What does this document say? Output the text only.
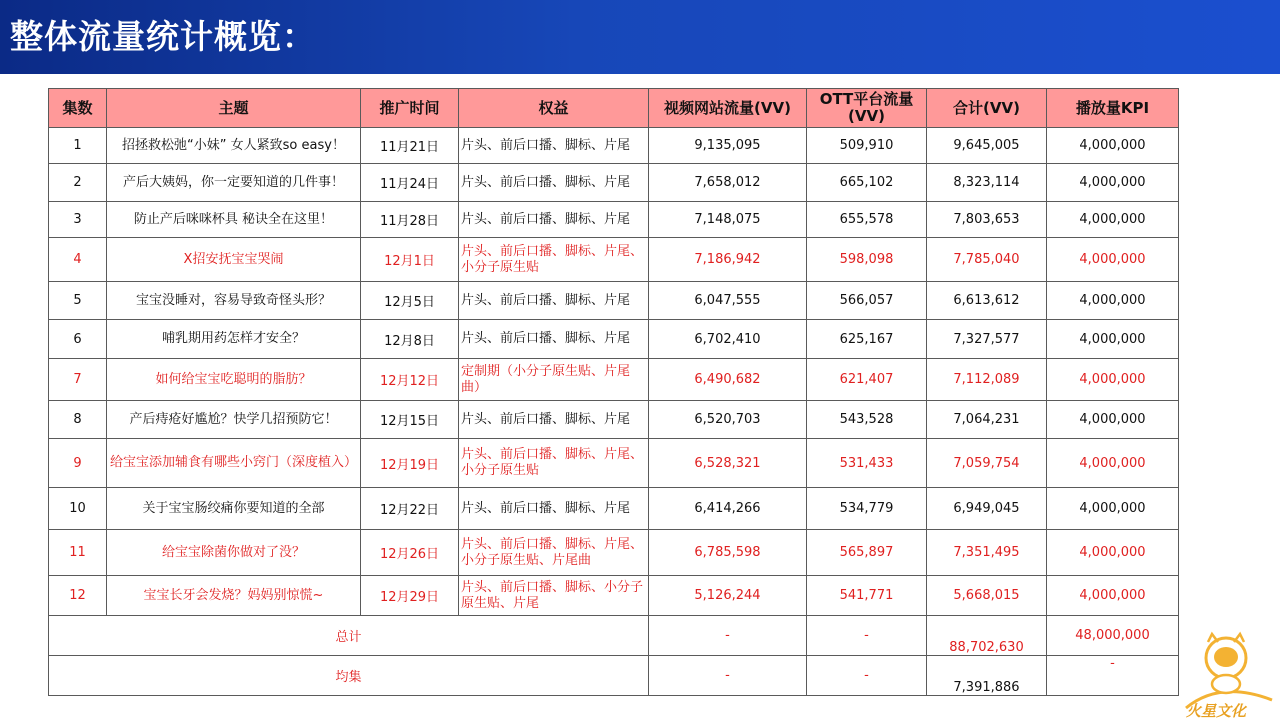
整体流量统计概览：
集数	主题	推广时间	权益	视频网站流量(VV)	OTT平台流量(VV)	合计(VV)	播放量KPI
1	招拯救松弛“小妹” 女人紧致so easy！	11月21日	片头、前后口播、脚标、片尾	9,135,095	509,910	9,645,005	4,000,000
2	产后大姨妈，你一定要知道的几件事！	11月24日	片头、前后口播、脚标、片尾	7,658,012	665,102	8,323,114	4,000,000
3	防止产后咪咪杯具 秘诀全在这里！	11月28日	片头、前后口播、脚标、片尾	7,148,075	655,578	7,803,653	4,000,000
4	X招安抚宝宝哭闹	12月1日	片头、前后口播、脚标、片尾、小分子原生贴	7,186,942	598,098	7,785,040	4,000,000
5	宝宝没睡对，容易导致奇怪头形？	12月5日	片头、前后口播、脚标、片尾	6,047,555	566,057	6,613,612	4,000,000
6	哺乳期用药怎样才安全？	12月8日	片头、前后口播、脚标、片尾	6,702,410	625,167	7,327,577	4,000,000
7	如何给宝宝吃聪明的脂肪？	12月12日	定制期（小分子原生贴、片尾曲）	6,490,682	621,407	7,112,089	4,000,000
8	产后痔疮好尴尬？快学几招预防它！	12月15日	片头、前后口播、脚标、片尾	6,520,703	543,528	7,064,231	4,000,000
9	给宝宝添加辅食有哪些小窍门（深度植入）	12月19日	片头、前后口播、脚标、片尾、小分子原生贴	6,528,321	531,433	7,059,754	4,000,000
10	关于宝宝肠绞痛你要知道的全部	12月22日	片头、前后口播、脚标、片尾	6,414,266	534,779	6,949,045	4,000,000
11	给宝宝除菌你做对了没？	12月26日	片头、前后口播、脚标、片尾、小分子原生贴、片尾曲	6,785,598	565,897	7,351,495	4,000,000
12	宝宝长牙会发烧？妈妈别惊慌~	12月29日	片头、前后口播、脚标、小分子原生贴、片尾	5,126,244	541,771	5,668,015	4,000,000
总计				-	-	88,702,630	48,000,000
均集				-	-	7,391,886	-
火星文化
